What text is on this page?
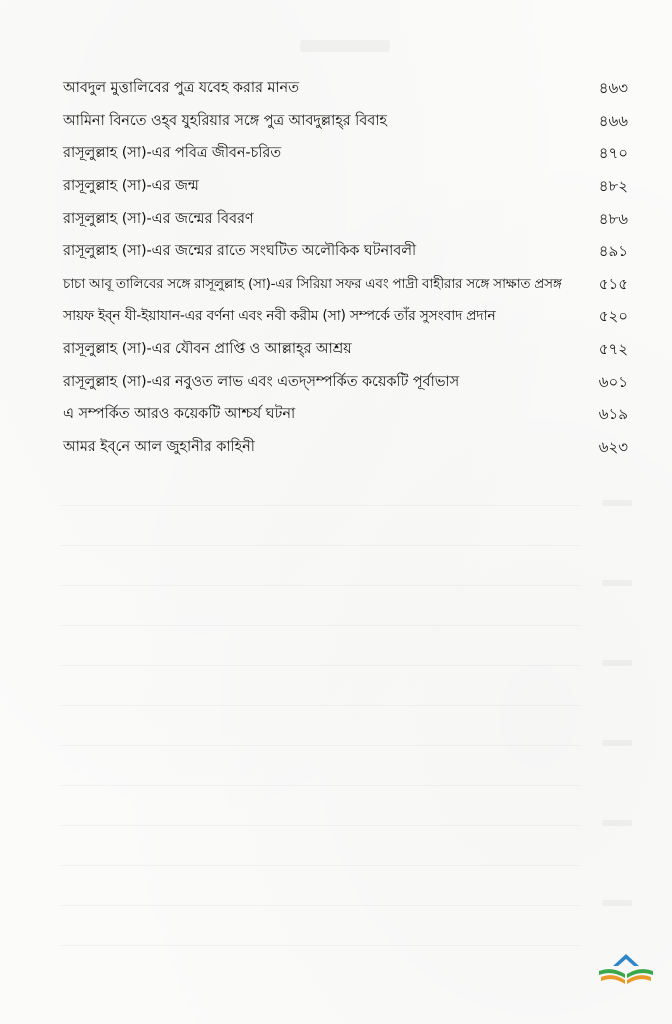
আবদুল মুত্তালিবের পুত্র যবেহ করার মানত	৪৬৩
আমিনা বিনতে ওহ্‌ব যুহরিয়ার সঙ্গে পুত্র আবদুল্লাহ্‌র বিবাহ	৪৬৬
রাসূলুল্লাহ (সা)-এর পবিত্র জীবন-চরিত	৪৭০
রাসূলুল্লাহ (সা)-এর জন্ম	৪৮২
রাসূলুল্লাহ (সা)-এর জন্মের বিবরণ	৪৮৬
রাসূলুল্লাহ (সা)-এর জন্মের রাতে সংঘটিত অলৌকিক ঘটনাবলী	৪৯১
চাচা আবূ তালিবের সঙ্গে রাসূলুল্লাহ (সা)-এর সিরিয়া সফর এবং পাদ্রী বাহীরার সঙ্গে সাক্ষাত প্রসঙ্গ	৫১৫
সায়ফ ইব্‌ন যী-ইয়াযান-এর বর্ণনা এবং নবী করীম (সা) সম্পর্কে তাঁর সুসংবাদ প্রদান	৫২০
রাসূলুল্লাহ (সা)-এর যৌবন প্রাপ্তি ও আল্লাহ্‌র আশ্রয়	৫৭২
রাসূলুল্লাহ (সা)-এর নবুওত লাভ এবং এতদ্‌সম্পর্কিত কয়েকটি পূর্বাভাস	৬০১
এ সম্পর্কিত আরও কয়েকটি আশ্চর্য ঘটনা	৬১৯
আমর ইব্‌নে আল জুহানীর কাহিনী	৬২৩
